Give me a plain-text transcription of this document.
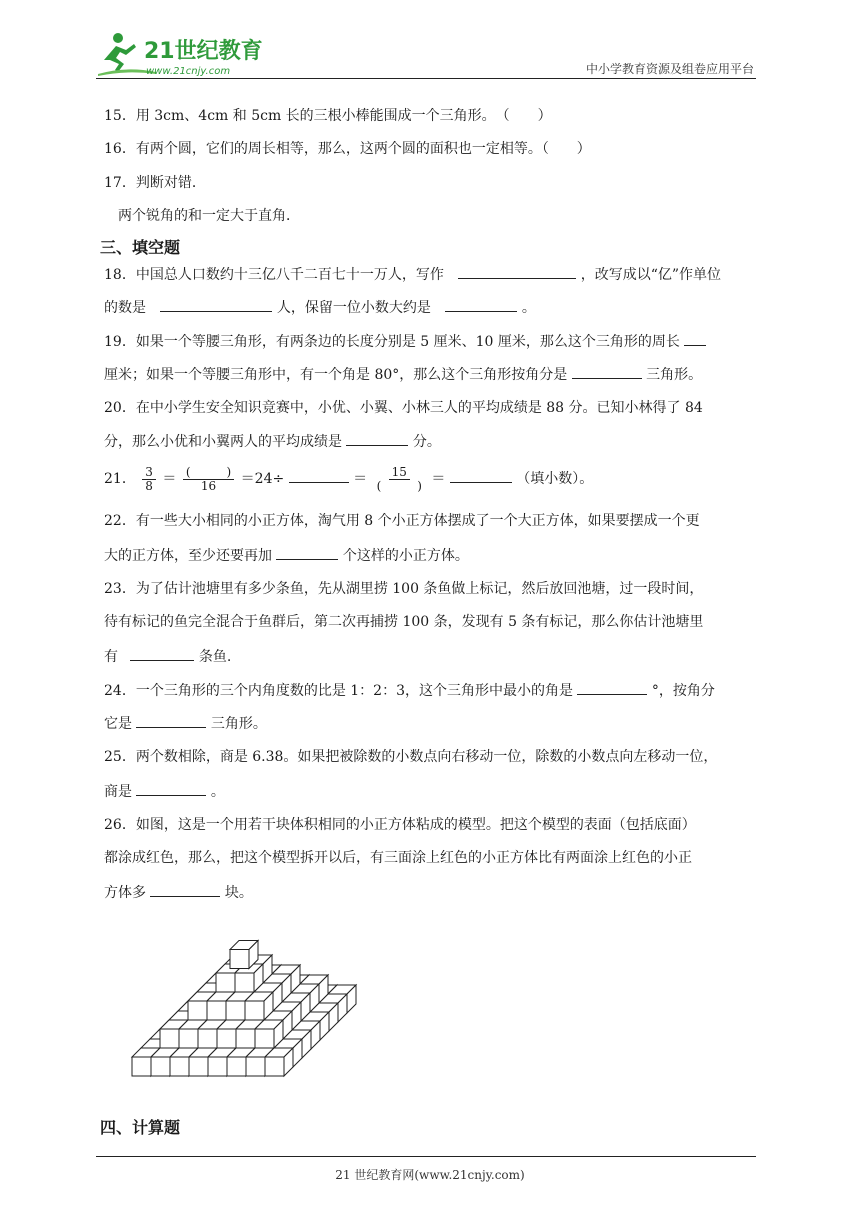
21世纪教育
www.21cnjy.com	中小学教育资源及组卷应用平台
15．用 3cm、4cm 和 5cm 长的三根小棒能围成一个三角形。　（　　）
16．有两个圆，它们的周长相等，那么，这两个圆的面积也一定相等。（　　）
17．判断对错．
两个锐角的和一定大于直角．
三、填空题
18．中国总人口数约十三亿八千二百七十一万人，写作	，改写成以“亿”作单位
的数是	人，保留一位小数大约是	。
19．如果一个等腰三角形，有两条边的长度分别是 5 厘米、10 厘米，那么这个三角形的周长
厘米；如果一个等腰三角形中，有一个角是 80°，那么这个三角形按角分是	三角形。
20．在中小学生安全知识竞赛中，小优、小翼、小林三人的平均成绩是 88 分。已知小林得了 84
分，那么小优和小翼两人的平均成绩是	分。
21． $\frac{3}{8} = \frac{( )}{16} =24\div$	＝ $\frac{15}{( )}$ ＝	（填小数）。
22．有一些大小相同的小正方体，淘气用 8 个小正方体摆成了一个大正方体，如果要摆成一个更
大的正方体，至少还要再加	个这样的小正方体。
23．为了估计池塘里有多少条鱼，先从湖里捞 100 条鱼做上标记，然后放回池塘，过一段时间，
待有标记的鱼完全混合于鱼群后，第二次再捕捞 100 条，发现有 5 条有标记，那么你估计池塘里
有	条鱼.
24．一个三角形的三个内角度数的比是 1：2：3，这个三角形中最小的角是	°，按角分
它是	三角形。
25．两个数相除，商是 6.38。如果把被除数的小数点向右移动一位，除数的小数点向左移动一位，
商是	。
26．如图，这是一个用若干块体积相同的小正方体粘成的模型。把这个模型的表面（包括底面）
都涂成红色，那么，把这个模型拆开以后，有三面涂上红色的小正方体比有两面涂上红色的小正
方体多	块。
四、计算题
21 世纪教育网(www.21cnjy.com)
